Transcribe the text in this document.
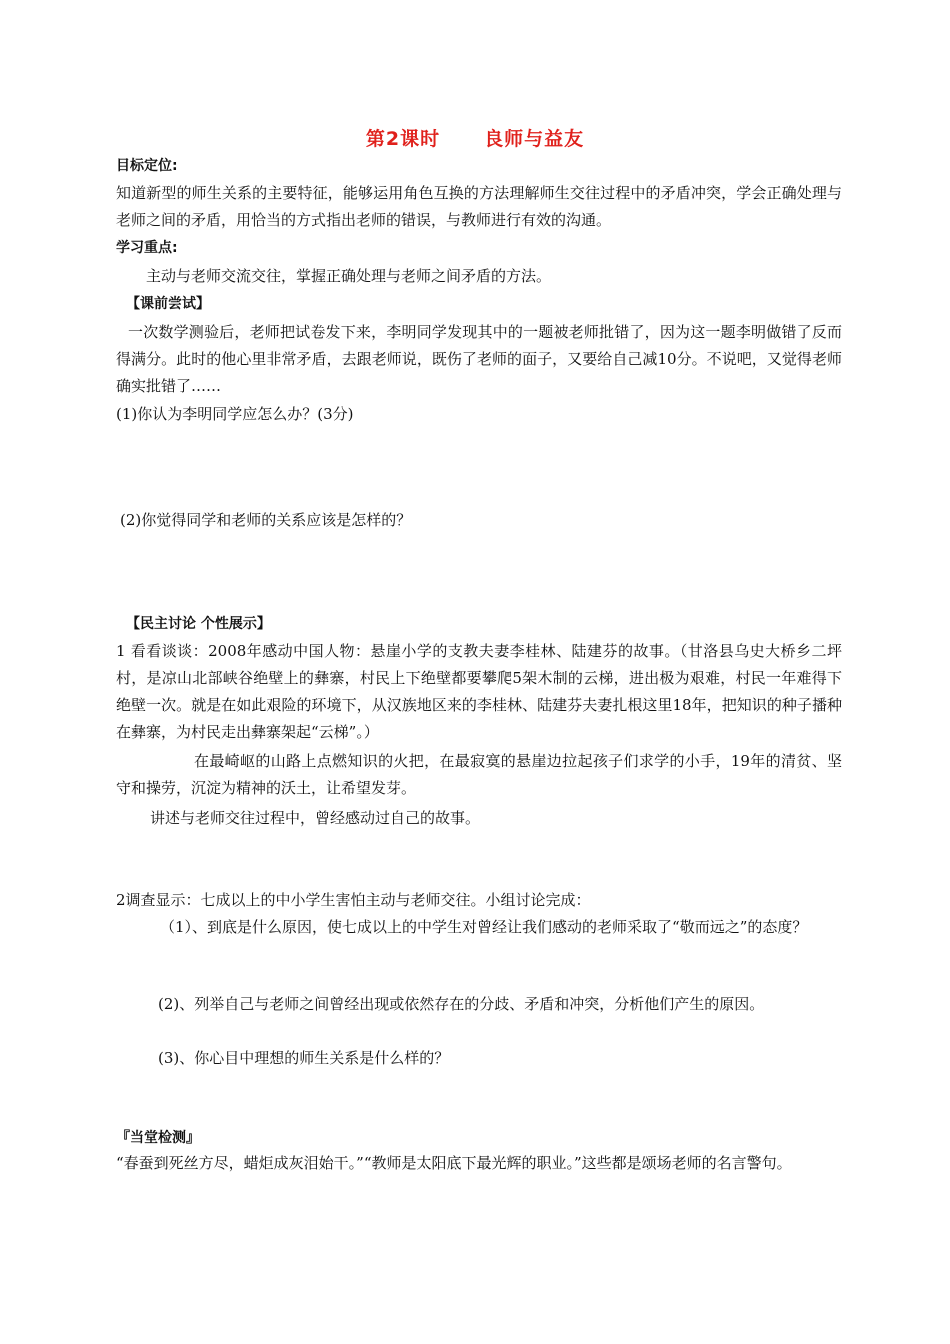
第2课时 良师与益友
目标定位:
知道新型的师生关系的主要特征，能够运用角色互换的方法理解师生交往过程中的矛盾冲突，学会正确处理与老师之间的矛盾，用恰当的方式指出老师的错误，与教师进行有效的沟通。
学习重点:
主动与老师交流交往，掌握正确处理与老师之间矛盾的方法。
【课前尝试】
一次数学测验后，老师把试卷发下来，李明同学发现其中的一题被老师批错了，因为这一题李明做错了反而得满分。此时的他心里非常矛盾，去跟老师说，既伤了老师的面子，又要给自己减10分。不说吧，又觉得老师确实批错了……
(1)你认为李明同学应怎么办？(3分)
(2)你觉得同学和老师的关系应该是怎样的？
【民主讨论 个性展示】
1 看看谈谈：2008年感动中国人物：悬崖小学的支教夫妻李桂林、陆建芬的故事。（甘洛县乌史大桥乡二坪村，是凉山北部峡谷绝壁上的彝寨，村民上下绝壁都要攀爬5架木制的云梯，进出极为艰难，村民一年难得下绝壁一次。就是在如此艰险的环境下，从汉族地区来的李桂林、陆建芬夫妻扎根这里18年，把知识的种子播种在彝寨，为村民走出彝寨架起“云梯”。）
在最崎岖的山路上点燃知识的火把，在最寂寞的悬崖边拉起孩子们求学的小手，19年的清贫、坚守和操劳，沉淀为精神的沃土，让希望发芽。
讲述与老师交往过程中，曾经感动过自己的故事。
2调查显示：七成以上的中小学生害怕主动与老师交往。小组讨论完成：
（1）、到底是什么原因，使七成以上的中学生对曾经让我们感动的老师采取了“敬而远之”的态度？
(2)、列举自己与老师之间曾经出现或依然存在的分歧、矛盾和冲突，分析他们产生的原因。
(3)、你心目中理想的师生关系是什么样的？
『当堂检测』
“春蚕到死丝方尽，蜡炬成灰泪始干。”“教师是太阳底下最光辉的职业。”这些都是颂场老师的名言警句。
